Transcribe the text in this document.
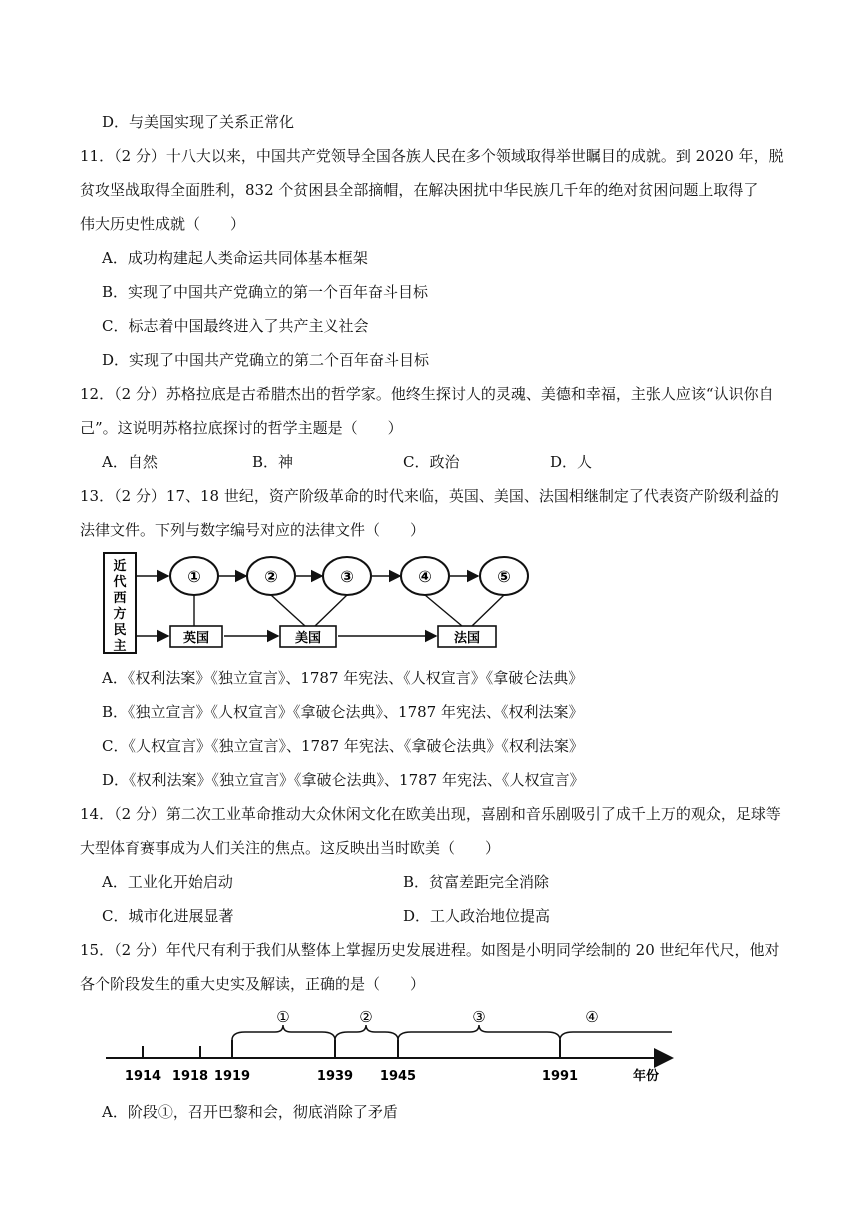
D．与美国实现了关系正常化
11．（2 分）十八大以来，中国共产党领导全国各族人民在多个领域取得举世瞩目的成就。到 2020 年，脱
贫攻坚战取得全面胜利，832 个贫困县全部摘帽，在解决困扰中华民族几千年的绝对贫困问题上取得了
伟大历史性成就（　　）
A．成功构建起人类命运共同体基本框架
B．实现了中国共产党确立的第一个百年奋斗目标
C．标志着中国最终进入了共产主义社会
D．实现了中国共产党确立的第二个百年奋斗目标
12．（2 分）苏格拉底是古希腊杰出的哲学家。他终生探讨人的灵魂、美德和幸福，主张人应该“认识你自
己”。这说明苏格拉底探讨的哲学主题是（　　）
A．自然	B．神	C．政治	D．人
13．（2 分）17、18 世纪，资产阶级革命的时代来临，英国、美国、法国相继制定了代表资产阶级利益的
法律文件。下列与数字编号对应的法律文件（　　）
近
代
西
方
民
主
①	②	③	④	⑤
英国	美国	法国
A．《权利法案》《独立宣言》、1787 年宪法、《人权宣言》《拿破仑法典》
B．《独立宣言》《人权宣言》《拿破仑法典》、1787 年宪法、《权利法案》
C．《人权宣言》《独立宣言》、1787 年宪法、《拿破仑法典》《权利法案》
D．《权利法案》《独立宣言》《拿破仑法典》、1787 年宪法、《人权宣言》
14．（2 分）第二次工业革命推动大众休闲文化在欧美出现，喜剧和音乐剧吸引了成千上万的观众，足球等
大型体育赛事成为人们关注的焦点。这反映出当时欧美（　　）
A．工业化开始启动	B．贫富差距完全消除
C．城市化进展显著	D．工人政治地位提高
15．（2 分）年代尺有利于我们从整体上掌握历史发展进程。如图是小明同学绘制的 20 世纪年代尺，他对
各个阶段发生的重大史实及解读，正确的是（　　）
①	②	③	④
1914 1918 1919	1939 1945	1991	年份
A．阶段①，召开巴黎和会，彻底消除了矛盾
